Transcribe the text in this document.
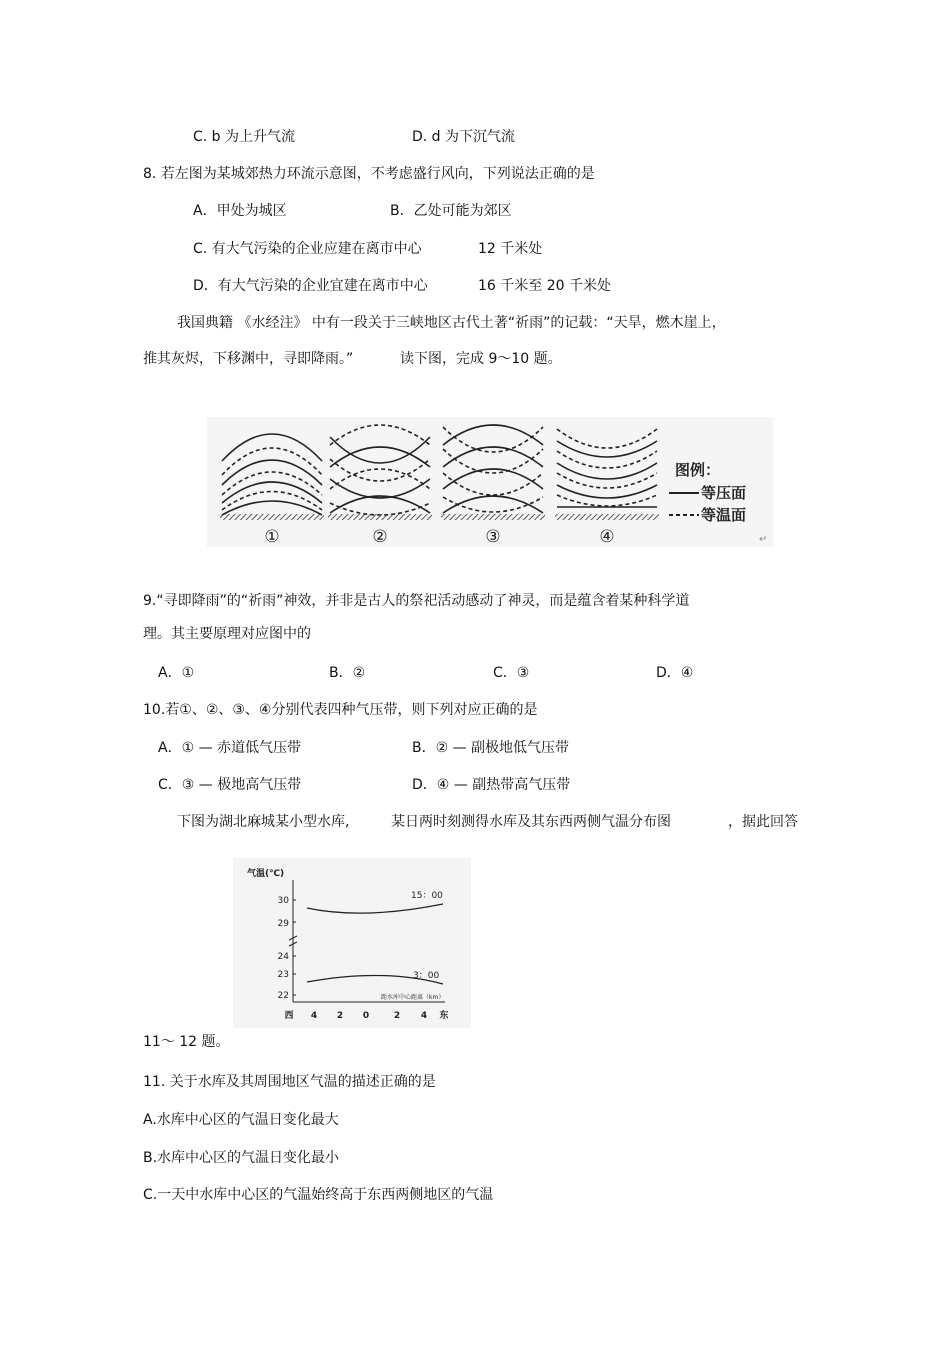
C. b 为上升气流	D. d 为下沉气流
8. 若左图为某城郊热力环流示意图，不考虑盛行风向，下列说法正确的是
A．甲处为城区	B．乙处可能为郊区
C. 有大气污染的企业应建在离市中心	12 千米处
D．有大气污染的企业宜建在离市中心	16 千米至 20 千米处
我国典籍 《水经注》 中有一段关于三峡地区古代土著“祈雨”的记载：“天旱，燃木崖上，
推其灰烬，下移渊中，寻即降雨。”	读下图，完成 9～10 题。
①	②	③	④
图例：
等压面
等温面
↵
9.“寻即降雨”的“祈雨”神效，并非是古人的祭祀活动感动了神灵，而是蕴含着某种科学道
理。其主要原理对应图中的
A．①	B．②	C．③	D．④
10.若①、②、③、④分别代表四种气压带，则下列对应正确的是
A．① — 赤道低气压带	B．② — 副极地低气压带
C．③ — 极地高气压带	D．④ — 副热带高气压带
下图为湖北麻城某小型水库,	某日两时刻测得水库及其东西两侧气温分布图	，据此回答
气温(℃)
30
29
24
23
22
西 4 2 0	2 4 东
距水库中心距离（km）
15：00
3：00
11～ 12 题。
11. 关于水库及其周围地区气温的描述正确的是
A.水库中心区的气温日变化最大
B.水库中心区的气温日变化最小
C.一天中水库中心区的气温始终高于东西两侧地区的气温
